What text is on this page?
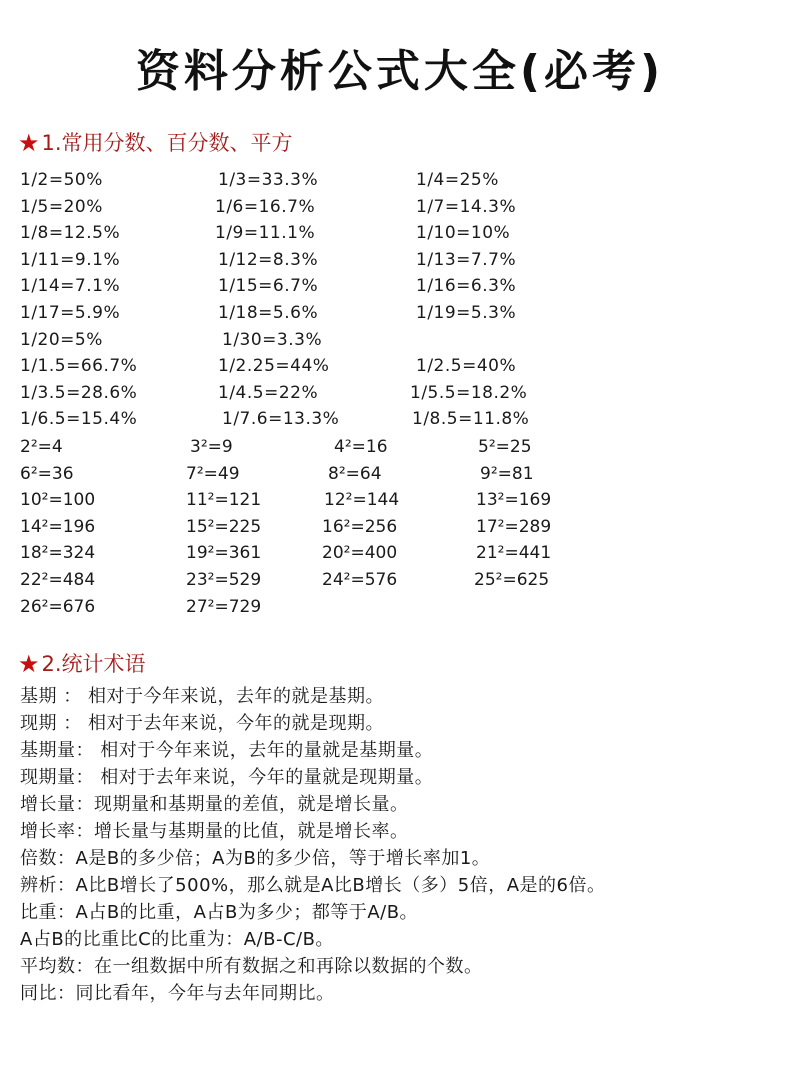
资料分析公式大全(必考)
★ 1.常用分数、百分数、平方
1/2=50%	1/3=33.3%	1/4=25%
1/5=20%	1/6=16.7%	1/7=14.3%
1/8=12.5%	1/9=11.1%	1/10=10%
1/11=9.1%	1/12=8.3%	1/13=7.7%
1/14=7.1%	1/15=6.7%	1/16=6.3%
1/17=5.9%	1/18=5.6%	1/19=5.3%
1/20=5%	1/30=3.3%
1/1.5=66.7%	1/2.25=44%	1/2.5=40%
1/3.5=28.6%	1/4.5=22%	1/5.5=18.2%
1/6.5=15.4%	1/7.6=13.3%	1/8.5=11.8%
2²=4	3²=9	4²=16	5²=25
6²=36	7²=49	8²=64	9²=81
10²=100	11²=121	12²=144	13²=169
14²=196	15²=225	16²=256	17²=289
18²=324	19²=361	20²=400	21²=441
22²=484	23²=529	24²=576	25²=625
26²=676	27²=729
★ 2.统计术语
基期 ： 相对于今年来说，去年的就是基期。
现期 ： 相对于去年来说，今年的就是现期。
基期量： 相对于今年来说，去年的量就是基期量。
现期量： 相对于去年来说，今年的量就是现期量。
增长量：现期量和基期量的差值，就是增长量。
增长率：增长量与基期量的比值，就是增长率。
倍数：A是B的多少倍；A为B的多少倍，等于增长率加1。
辨析：A比B增长了500%，那么就是A比B增长（多）5倍，A是的6倍。
比重：A占B的比重，A占B为多少；都等于A/B。
A占B的比重比C的比重为：A/B-C/B。
平均数：在一组数据中所有数据之和再除以数据的个数。
同比：同比看年，今年与去年同期比。
